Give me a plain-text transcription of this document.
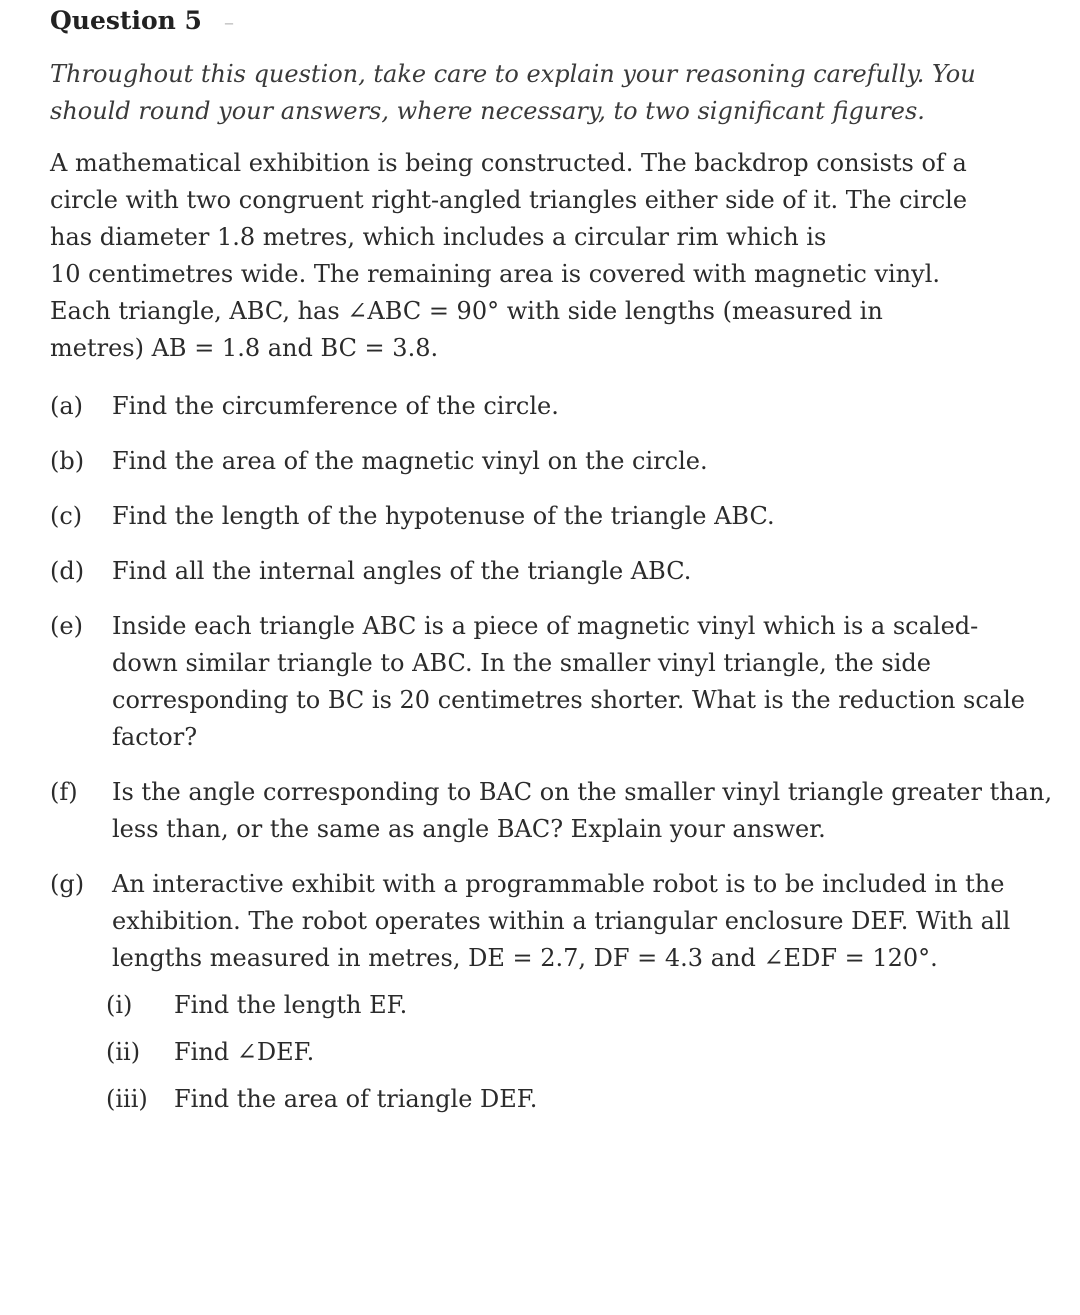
Question 5 –
Throughout this question, take care to explain your reasoning carefully. You should round your answers, where necessary, to two significant figures.

A mathematical exhibition is being constructed. The backdrop consists of a

circle with two congruent right-angled triangles either side of it. The circle

has diameter 1.8 metres, which includes a circular rim which is

10 centimetres wide. The remaining area is covered with magnetic vinyl.

Each triangle, ABC, has ∠ABC = 90° with side lengths (measured in

metres) AB = 1.8 and BC = 3.8.

(a)	Find the circumference of the circle.

(b)	Find the area of the magnetic vinyl on the circle.

(c)	Find the length of the hypotenuse of the triangle ABC.

(d)	Find all the internal angles of the triangle ABC.

(e)	Inside each triangle ABC is a piece of magnetic vinyl which is a scaled-down similar triangle to ABC. In the smaller vinyl triangle, the side corresponding to BC is 20 centimetres shorter. What is the reduction scale factor?

(f)	Is the angle corresponding to BAC on the smaller vinyl triangle greater than, less than, or the same as angle BAC? Explain your answer.

(g)	An interactive exhibit with a programmable robot is to be included in the exhibition. The robot operates within a triangular enclosure DEF. With all lengths measured in metres, DE = 2.7, DF = 4.3 and ∠EDF = 120°.

(i)	Find the length EF.
(ii)	Find ∠DEF.
(iii)	Find the area of triangle DEF.
